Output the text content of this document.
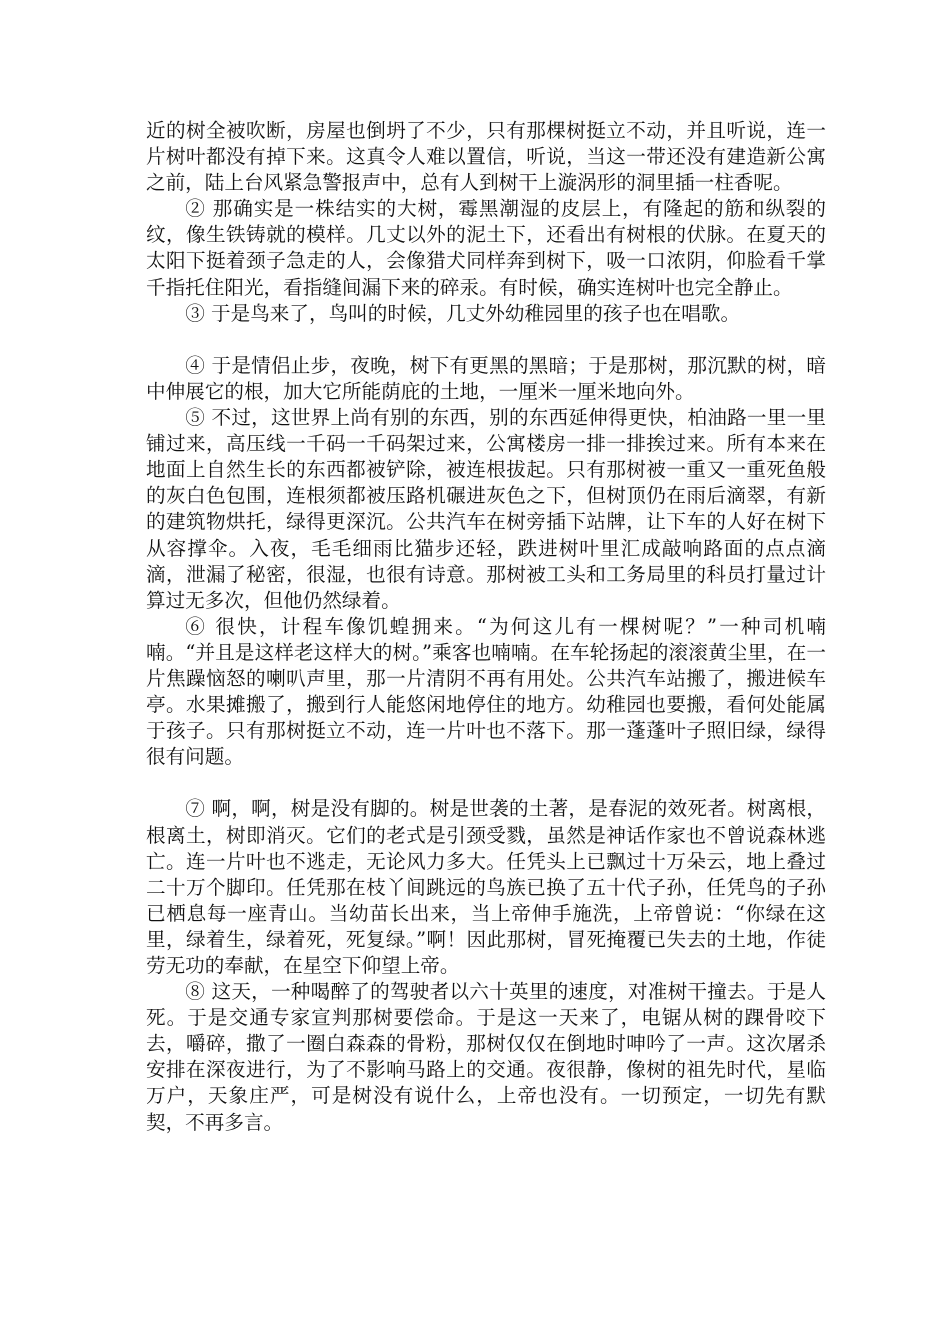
近的树全被吹断，房屋也倒坍了不少，只有那棵树挺立不动，并且听说，连一片树叶都没有掉下来。这真令人难以置信，听说，当这一带还没有建造新公寓之前，陆上台风紧急警报声中，总有人到树干上漩涡形的洞里插一柱香呢。

② 那确实是一株结实的大树，霉黑潮湿的皮层上，有隆起的筋和纵裂的纹，像生铁铸就的模样。几丈以外的泥土下，还看出有树根的伏脉。在夏天的太阳下挺着颈子急走的人，会像猎犬同样奔到树下，吸一口浓阴，仰脸看千掌千指托住阳光，看指缝间漏下来的碎汞。有时候，确实连树叶也完全静止。

③ 于是鸟来了，鸟叫的时候，几丈外幼稚园里的孩子也在唱歌。

④ 于是情侣止步，夜晚，树下有更黑的黑暗；于是那树，那沉默的树，暗中伸展它的根，加大它所能荫庇的土地，一厘米一厘米地向外。

⑤ 不过，这世界上尚有别的东西，别的东西延伸得更快，柏油路一里一里铺过来，高压线一千码一千码架过来，公寓楼房一排一排挨过来。所有本来在地面上自然生长的东西都被铲除，被连根拔起。只有那树被一重又一重死鱼般的灰白色包围，连根须都被压路机碾进灰色之下，但树顶仍在雨后滴翠，有新的建筑物烘托，绿得更深沉。公共汽车在树旁插下站牌，让下车的人好在树下从容撑伞。入夜，毛毛细雨比猫步还轻，跌进树叶里汇成敲响路面的点点滴滴，泄漏了秘密，很湿，也很有诗意。那树被工头和工务局里的科员打量过计算过无多次，但他仍然绿着。

⑥ 很快，计程车像饥蝗拥来。“为何这儿有一棵树呢？”一种司机喃喃。“并且是这样老这样大的树。”乘客也喃喃。在车轮扬起的滚滚黄尘里，在一片焦躁恼怒的喇叭声里，那一片清阴不再有用处。公共汽车站搬了，搬进候车亭。水果摊搬了，搬到行人能悠闲地停住的地方。幼稚园也要搬，看何处能属于孩子。只有那树挺立不动，连一片叶也不落下。那一蓬蓬叶子照旧绿，绿得很有问题。

⑦ 啊，啊，树是没有脚的。树是世袭的土著，是春泥的效死者。树离根，根离土，树即消灭。它们的老式是引颈受戮，虽然是神话作家也不曾说森林逃亡。连一片叶也不逃走，无论风力多大。任凭头上已飘过十万朵云，地上叠过二十万个脚印。任凭那在枝丫间跳远的鸟族已换了五十代子孙，任凭鸟的子孙已栖息每一座青山。当幼苗长出来，当上帝伸手施洗，上帝曾说：“你绿在这里，绿着生，绿着死，死复绿。”啊！因此那树，冒死掩覆已失去的土地，作徒劳无功的奉献，在星空下仰望上帝。

⑧ 这天，一种喝醉了的驾驶者以六十英里的速度，对准树干撞去。于是人死。于是交通专家宣判那树要偿命。于是这一天来了，电锯从树的踝骨咬下去，嚼碎，撒了一圈白森森的骨粉，那树仅仅在倒地时呻吟了一声。这次屠杀安排在深夜进行，为了不影响马路上的交通。夜很静，像树的祖先时代，星临万户，天象庄严，可是树没有说什么，上帝也没有。一切预定，一切先有默契，不再多言。
